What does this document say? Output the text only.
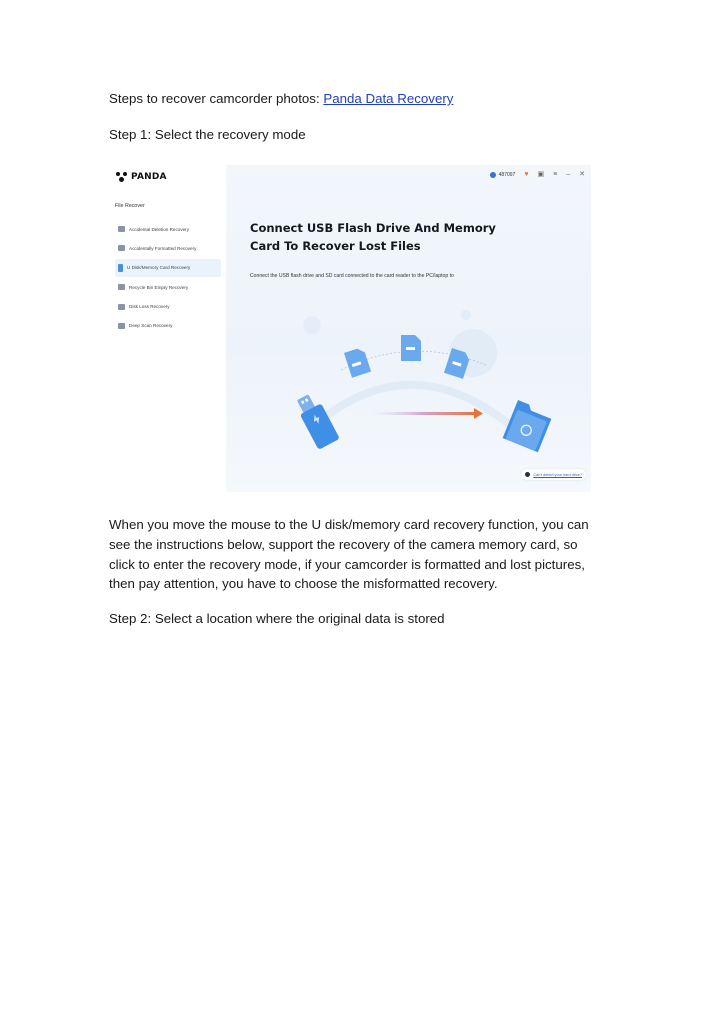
Steps to recover camcorder photos: Panda Data Recovery

Step 1: Select the recovery mode

PANDA
File Recover
Accidental Deletion Recovery
Accidentally Formatted Recovery
U Disk/Memory Card Recovery
Recycle Bin Empty Recovery
Disk Loss Recovery
Deep Scan Recovery
487097 ♥ ▣ ≡ – ✕
Connect USB Flash Drive And Memory
Card To Recover Lost Files
Connect the USB flash drive and SD card connected to the card reader to the PC/laptop to
Can't detect your hard drive?

When you move the mouse to the U disk/memory card recovery function, you can

see the instructions below, support the recovery of the camera memory card, so

click to enter the recovery mode, if your camcorder is formatted and lost pictures,

then pay attention, you have to choose the misformatted recovery.

Step 2: Select a location where the original data is stored
